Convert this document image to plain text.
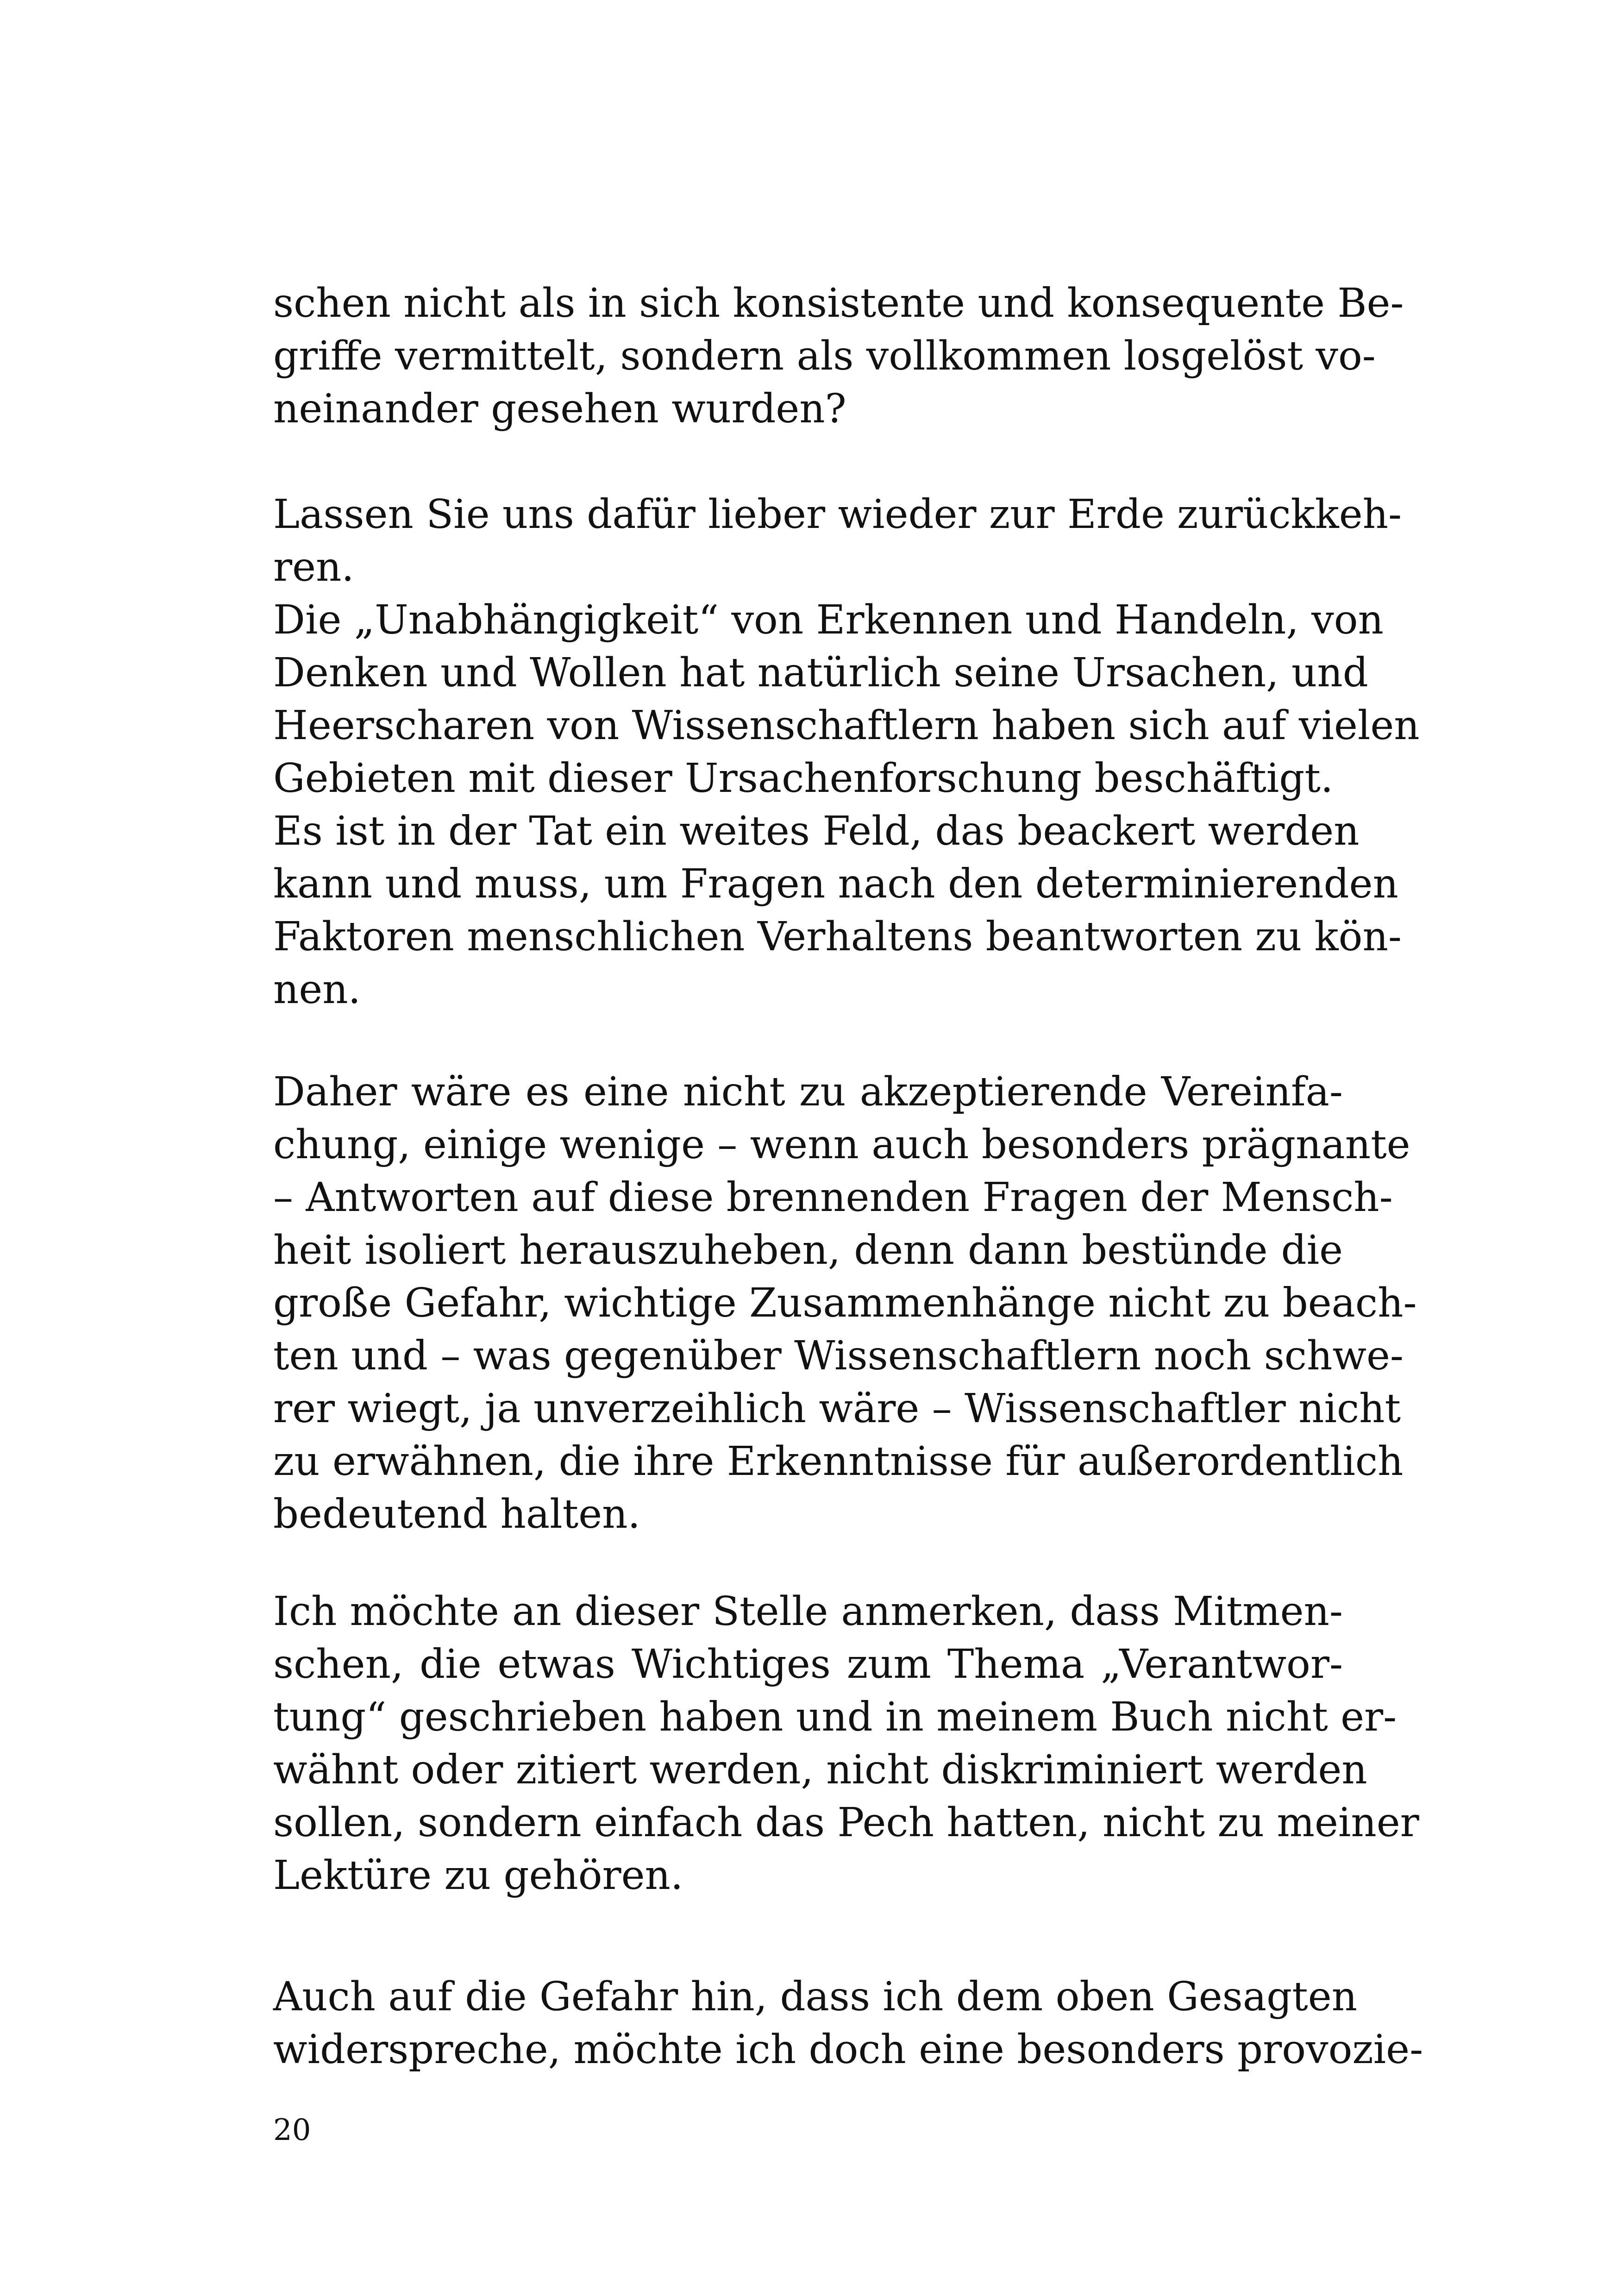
schen nicht als in sich konsistente und konsequente Be-
griffe vermittelt, sondern als vollkommen losgelöst vo-
neinander gesehen wurden?
Lassen Sie uns dafür lieber wieder zur Erde zurückkeh-
ren.
Die „Unabhängigkeit“ von Erkennen und Handeln, von
Denken und Wollen hat natürlich seine Ursachen, und
Heerscharen von Wissenschaftlern haben sich auf vielen
Gebieten mit dieser Ursachenforschung beschäftigt.
Es ist in der Tat ein weites Feld, das beackert werden
kann und muss, um Fragen nach den determinierenden
Faktoren menschlichen Verhaltens beantworten zu kön-
nen.
Daher wäre es eine nicht zu akzeptierende Vereinfa-
chung, einige wenige – wenn auch besonders prägnante
– Antworten auf diese brennenden Fragen der Mensch-
heit isoliert herauszuheben, denn dann bestünde die
große Gefahr, wichtige Zusammenhänge nicht zu beach-
ten und – was gegenüber Wissenschaftlern noch schwe-
rer wiegt, ja unverzeihlich wäre – Wissenschaftler nicht
zu erwähnen, die ihre Erkenntnisse für außerordentlich
bedeutend halten.
Ich möchte an dieser Stelle anmerken, dass Mitmen-
schen, die etwas Wichtiges zum Thema „Verantwor-
tung“ geschrieben haben und in meinem Buch nicht er-
wähnt oder zitiert werden, nicht diskriminiert werden
sollen, sondern einfach das Pech hatten, nicht zu meiner
Lektüre zu gehören.
Auch auf die Gefahr hin, dass ich dem oben Gesagten
widerspreche, möchte ich doch eine besonders provozie-
20
